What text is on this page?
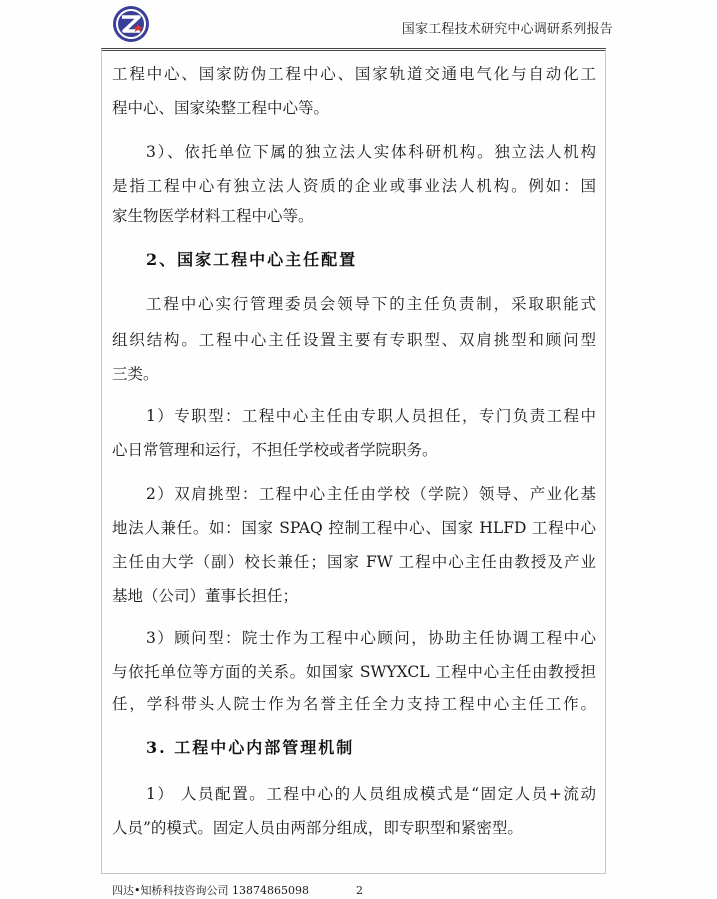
国家工程技术研究中心调研系列报告
工程中心、国家防伪工程中心、国家轨道交通电气化与自动化工
程中心、国家染整工程中心等。
3）、依托单位下属的独立法人实体科研机构。独立法人机构
是指工程中心有独立法人资质的企业或事业法人机构。例如：国
家生物医学材料工程中心等。
2、国家工程中心主任配置
工程中心实行管理委员会领导下的主任负责制，采取职能式
组织结构。工程中心主任设置主要有专职型、双肩挑型和顾问型
三类。
1）专职型：工程中心主任由专职人员担任，专门负责工程中
心日常管理和运行，不担任学校或者学院职务。
2）双肩挑型：工程中心主任由学校（学院）领导、产业化基
地法人兼任。如：国家 SPAQ 控制工程中心、国家 HLFD 工程中心
主任由大学（副）校长兼任；国家 FW 工程中心主任由教授及产业
基地（公司）董事长担任；
3）顾问型：院士作为工程中心顾问，协助主任协调工程中心
与依托单位等方面的关系。如国家 SWYXCL 工程中心主任由教授担
任，学科带头人院士作为名誉主任全力支持工程中心主任工作。
3. 工程中心内部管理机制
1） 人员配置。工程中心的人员组成模式是“固定人员+流动
人员”的模式。固定人员由两部分组成，即专职型和紧密型。
四达•知桥科技咨询公司 13874865098	2
